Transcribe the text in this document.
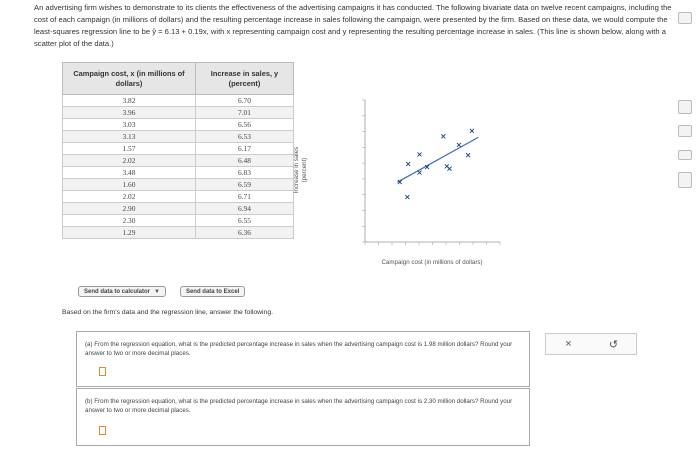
An advertising firm wishes to demonstrate to its clients the effectiveness of the advertising campaigns it has conducted. The following bivariate data on twelve recent campaigns, including the cost of each campaign (in millions of dollars) and the resulting percentage increase in sales following the campaign, were presented by the firm. Based on these data, we would compute the least-squares regression line to be ŷ = 6.13 + 0.19x, with x representing campaign cost and y representing the resulting percentage increase in sales. (This line is shown below, along with a scatter plot of the data.)

Campaign cost, x (in millions of dollars)	Increase in sales, y (percent)
3.82	6.70
3.96	7.01
3.03	6.56
3.13	6.53
1.57	6.17
2.02	6.48
3.48	6.83
1.60	6.59
2.02	6.71
2.90	6.94
2.30	6.55
1.29	6.36
Send data to calculator ▼	Send data to Excel
Increase in sales (percent)
Campaign cost (in millions of dollars)
Based on the firm's data and the regression line, answer the following.
(a) From the regression equation, what is the predicted percentage increase in sales when the advertising campaign cost is 1.98 million dollars? Round your answer to two or more decimal places.
(b) From the regression equation, what is the predicted percentage increase in sales when the advertising campaign cost is 2.30 million dollars? Round your answer to two or more decimal places.
×	↺
